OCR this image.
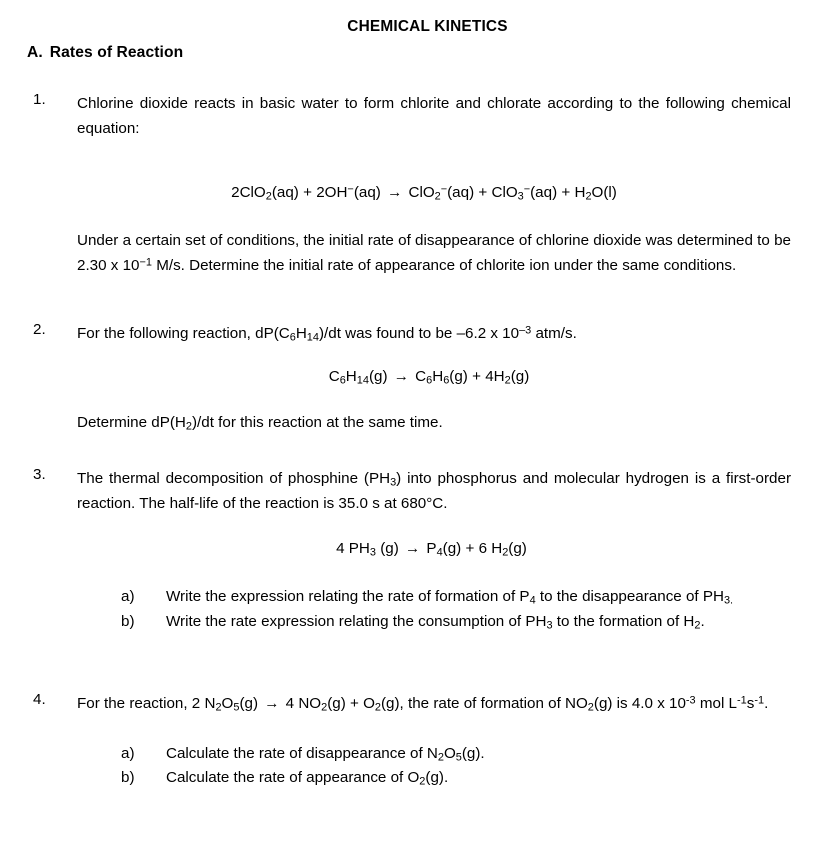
CHEMICAL KINETICS
A. Rates of Reaction
1.	Chlorine dioxide reacts in basic water to form chlorite and chlorate according to the following chemical equation:
$2ClO_2(aq) + 2OH^-(aq) \to ClO_2^-(aq) + ClO_3^-(aq) + H_2O(l)$
Under a certain set of conditions, the initial rate of disappearance of chlorine dioxide was determined to be 2.30 x $10^{-1}$ M/s. Determine the initial rate of appearance of chlorite ion under the same conditions.
2.	For the following reaction, $dP(C_6H_{14})/dt$ was found to be –6.2 x $10^{-3}$ atm/s.
$C_6H_{14}(g) \to C_6H_6(g) + 4H_2(g)$
Determine $dP(H_2)/dt$ for this reaction at the same time.
3.	The thermal decomposition of phosphine $(PH_3)$ into phosphorus and molecular hydrogen is a first-order reaction. The half-life of the reaction is 35.0 s at 680°C.
4 $PH_3$ $(g) \to P_4(g) + 6$ $H_2(g)$
a)	Write the expression relating the rate of formation of $P_4$ to the disappearance of $PH_{3.}$
b)	Write the rate expression relating the consumption of $PH_3$ to the formation of $H_2$.
4.	For the reaction, 2 $N_2O_5(g) \to 4$ $NO_2(g) + O_2(g)$, the rate of formation of $NO_2(g)$ is 4.0 x $10^{-3}$ mol $L^{-1}s^{-1}$.
a)	Calculate the rate of disappearance of $N_2O_5(g)$.
b)	Calculate the rate of appearance of $O_2(g)$.
